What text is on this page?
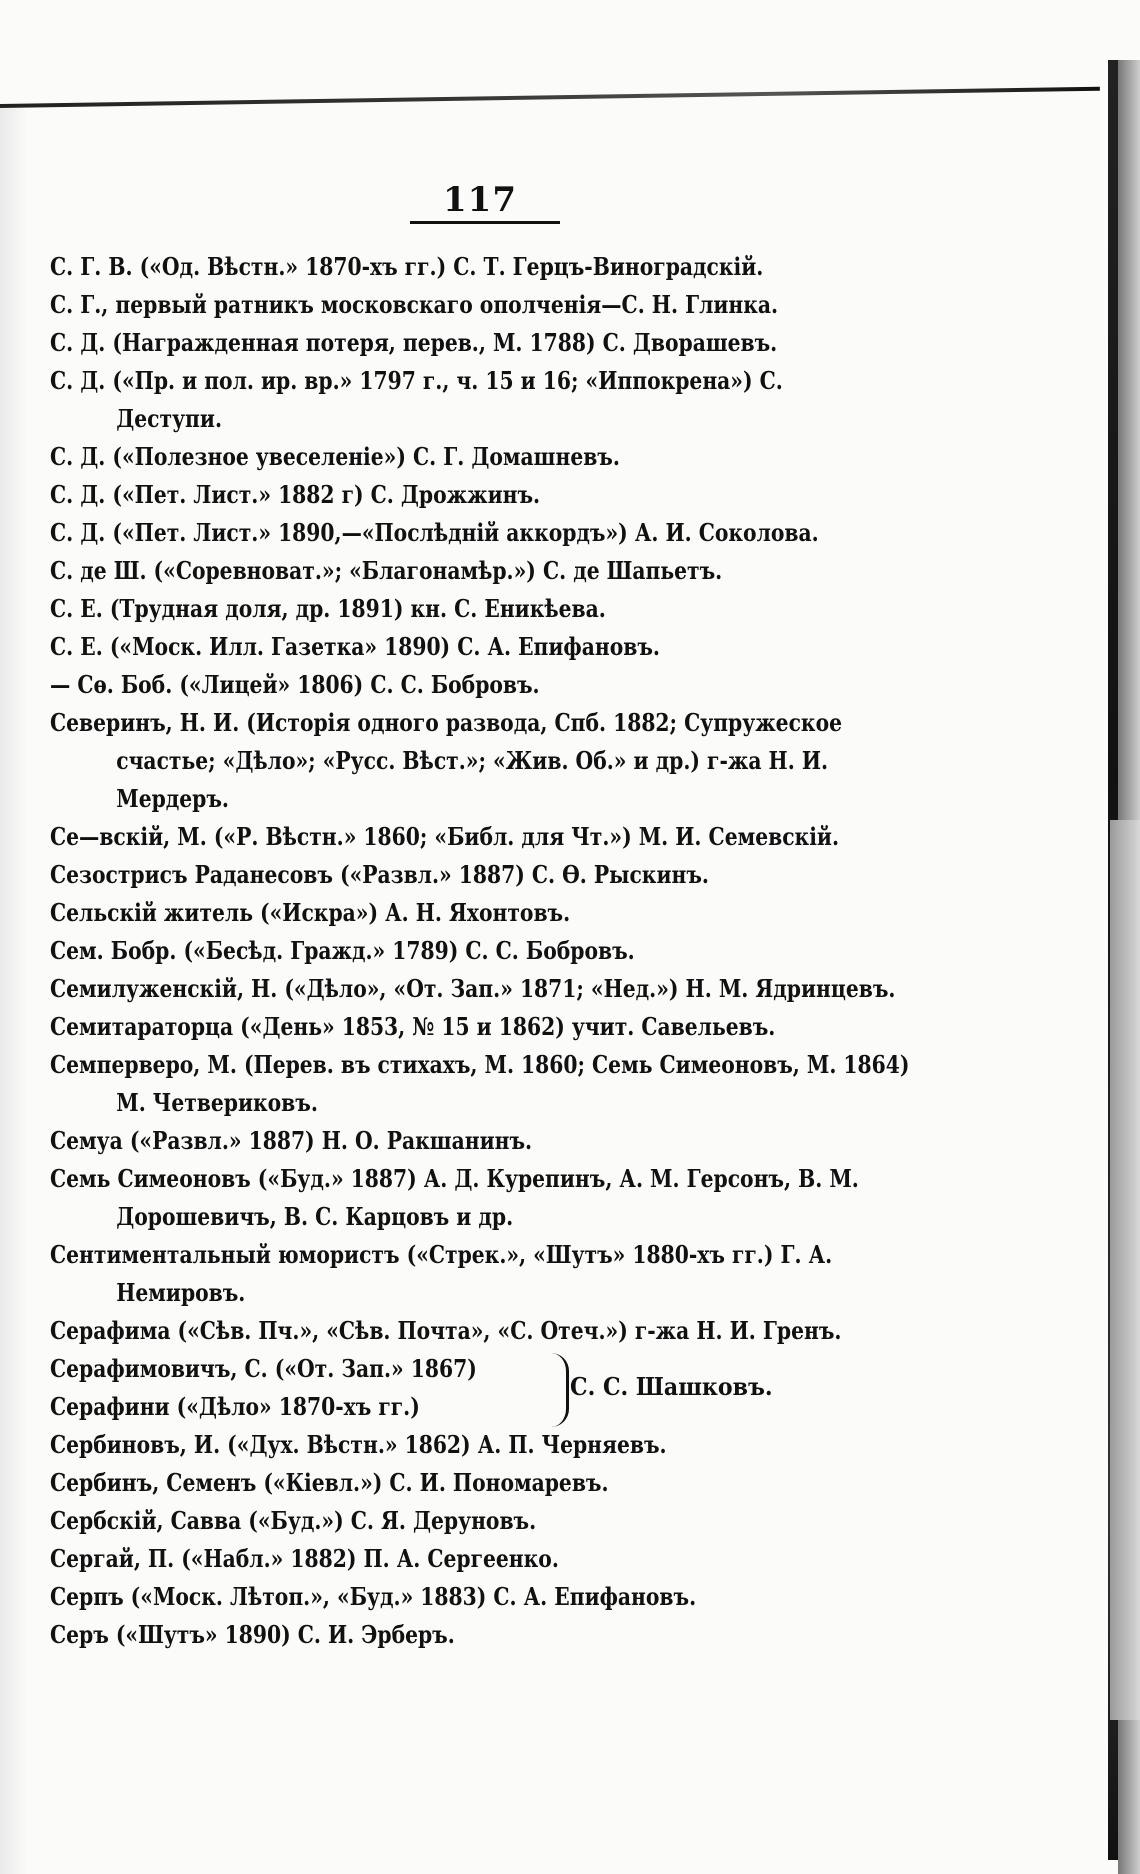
117
С. Г. В. («Од. Вѣстн.» 1870-хъ гг.) С. Т. Герцъ-Виноградскій.
С. Г., первый ратникъ московскаго ополченія—С. Н. Глинка.
С. Д. (Награжденная потеря, перев., М. 1788) С. Дворашевъ.
С. Д. («Пр. и пол. ир. вр.» 1797 г., ч. 15 и 16; «Иппокрена») С.
Деступи.
С. Д. («Полезное увеселеніе») С. Г. Домашневъ.
С. Д. («Пет. Лист.» 1882 г) С. Дрожжинъ.
С. Д. («Пет. Лист.» 1890,—«Послѣдній аккордъ») А. И. Соколова.
С. де Ш. («Соревноват.»; «Благонамѣр.») С. де Шапьетъ.
С. Е. (Трудная доля, др. 1891) кн. С. Еникѣева.
С. Е. («Моск. Илл. Газетка» 1890) С. А. Епифановъ.
— Сѳ. Боб. («Лицей» 1806) С. С. Бобровъ.
Северинъ, Н. И. (Исторія одного развода, Спб. 1882; Супружеское
счастье; «Дѣло»; «Русс. Вѣст.»; «Жив. Об.» и др.) г-жа Н. И.
Мердеръ.
Се—вскій, М. («Р. Вѣстн.» 1860; «Библ. для Чт.») М. И. Семевскій.
Сезострисъ Раданесовъ («Развл.» 1887) С. Ѳ. Рыскинъ.
Сельскій житель («Искра») А. Н. Яхонтовъ.
Сем. Бобр. («Бесѣд. Гражд.» 1789) С. С. Бобровъ.
Семилуженскій, Н. («Дѣло», «От. Зап.» 1871; «Нед.») Н. М. Ядринцевъ.
Семитараторца («День» 1853, № 15 и 1862) учит. Савельевъ.
Семперверо, М. (Перев. въ стихахъ, М. 1860; Семь Симеоновъ, М. 1864)
М. Четвериковъ.
Семуа («Развл.» 1887) Н. О. Ракшанинъ.
Семь Симеоновъ («Буд.» 1887) А. Д. Курепинъ, А. М. Герсонъ, В. М.
Дорошевичъ, В. С. Карцовъ и др.
Сентиментальный юмористъ («Стрек.», «Шутъ» 1880-хъ гг.) Г. А.
Немировъ.
Серафима («Сѣв. Пч.», «Сѣв. Почта», «С. Отеч.») г-жа Н. И. Гренъ.
Серафимовичъ, С. («От. Зап.» 1867)
Серафини («Дѣло» 1870-хъ гг.)
Сербиновъ, И. («Дух. Вѣстн.» 1862) А. П. Черняевъ.
Сербинъ, Семенъ («Кіевл.») С. И. Пономаревъ.
Сербскій, Савва («Буд.») С. Я. Деруновъ.
Сергай, П. («Набл.» 1882) П. А. Сергеенко.
Серпъ («Моск. Лѣтоп.», «Буд.» 1883) С. А. Епифановъ.
Серъ («Шутъ» 1890) С. И. Эрберъ.
С. С. Шашковъ.
